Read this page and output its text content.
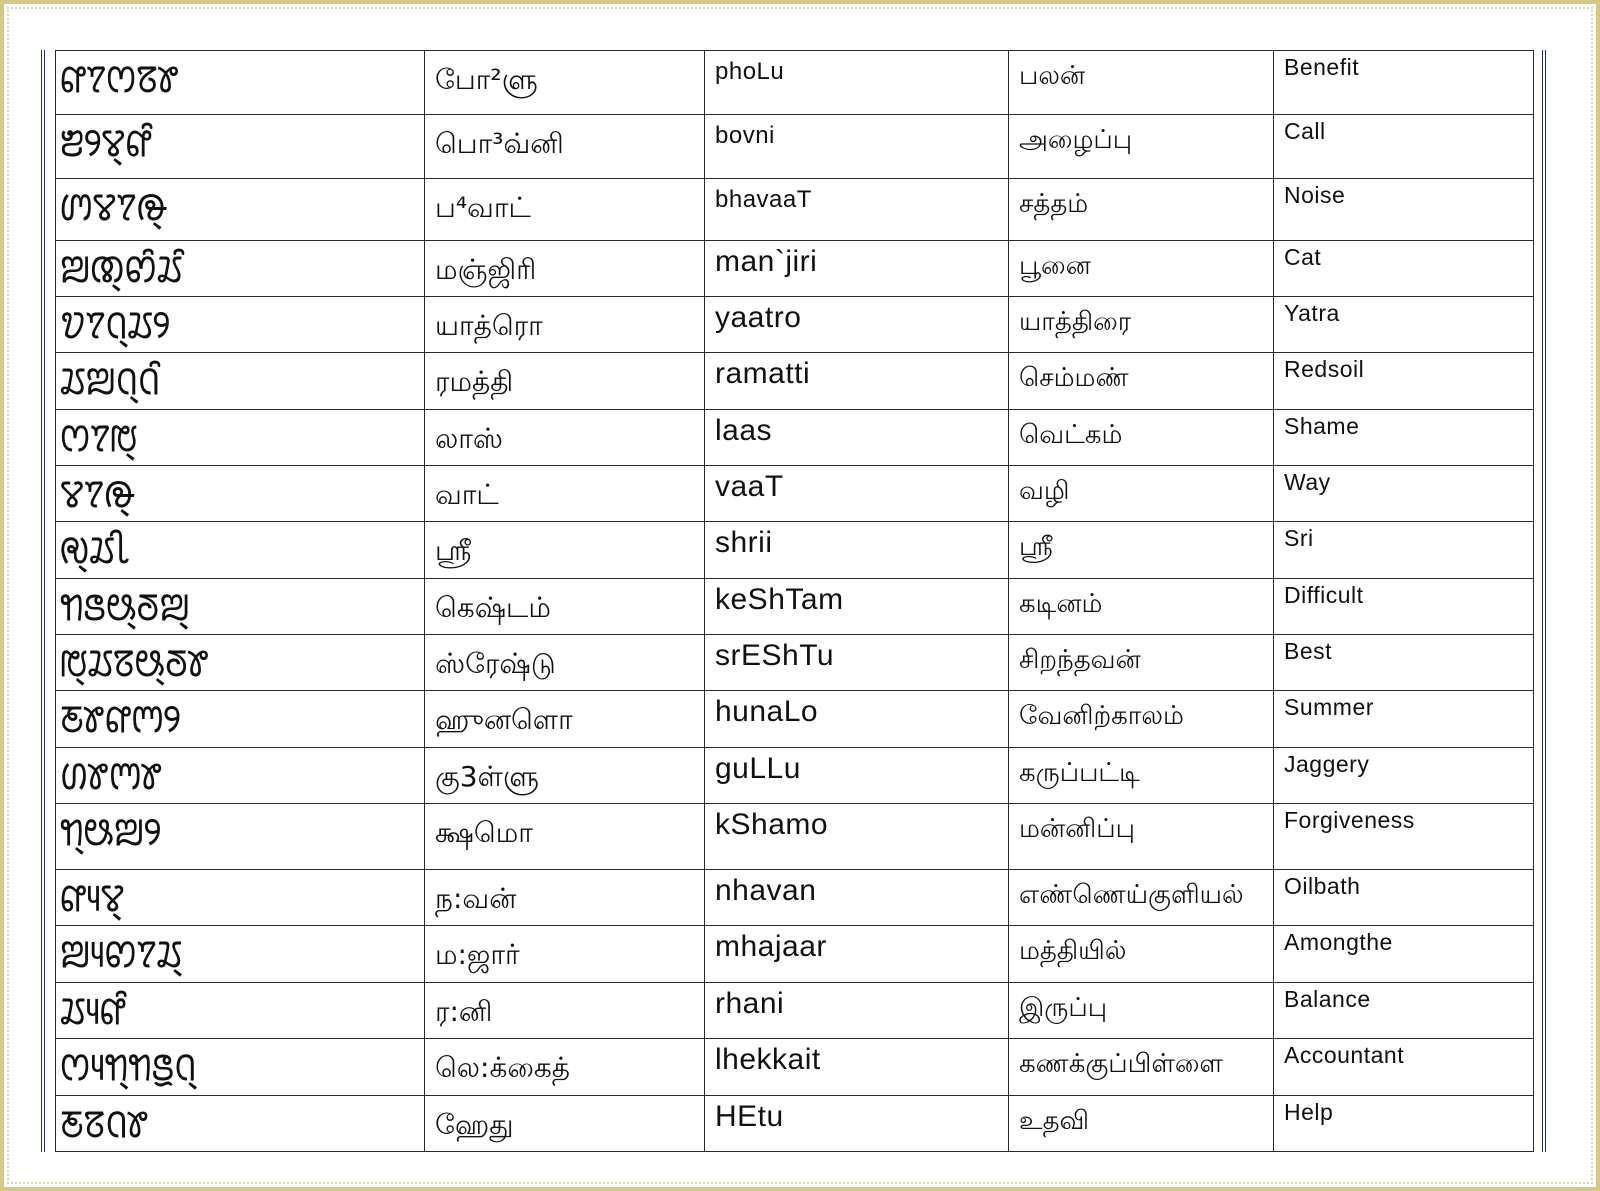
ꢥꢵꢭꢿꢸ	போ²ளு	phoLu	பலன்	Benefit
ꢨꢾꢮ꣄ꢥꢶ	பொ³வ்னி	bovni	அழைப்பு	Call
ꢩꢮꢵꢛ꣄	ப⁴வாட்	bhavaaT	சத்தம்	Noise
ꢪꢚ꣄ꢙꢶꢬꢶ	மஞ்ஜிரி	man`jiri	பூனை	Cat
ꢫꢵꢡ꣄ꢬꢾ	யாத்ரொ	yaatro	யாத்திரை	Yatra
ꢬꢪꢡ꣄ꢡꢶ	ரமத்தி	ramatti	செம்மண்	Redsoil
ꢭꢵꢱ꣄	லாஸ்	laas	வெட்கம்	Shame
ꢮꢵꢛ꣄	வாட்	vaaT	வழி	Way
ꢯ꣄ꢬꢷ	ஶ்ரீ	shrii	ஶ்ரீ	Sri
ꢒꢺꢰ꣄ꢜꢪ꣄	கெஷ்டம்	keShTam	கடினம்	Difficult
ꢱ꣄ꢬꢿꢰ꣄ꢜꢸ	ஸ்ரேஷ்டு	srEShTu	சிறந்தவன்	Best
ꢲꢸꢥꢳꢾ	ஹுனளொ	hunaLo	வேனிற்காலம்	Summer
ꢔꢸꢳꢸ	கு3ள்ளு	guLLu	கருப்பட்டி	Jaggery
ꢒ꣄ꢰꢪꢾ	க்ஷமொ	kShamo	மன்னிப்பு	Forgiveness
ꢥꢴꢮ꣄	ந:வன்	nhavan	எண்ணெய்குளியல்	Oilbath
ꢪꢴꢙꢵꢬ꣄	ம:ஜார்	mhajaar	மத்தியில்	Amongthe
ꢬꢴꢥꢶ	ர:னி	rhani	இருப்பு	Balance
ꢭꢴꢒ꣄ꢒꢻꢡ꣄	லெ:க்கைத்	lhekkait	கணக்குப்பிள்ளை	Accountant
ꢲꢿꢡꢸ	ஹேது	HEtu	உதவி	Help
